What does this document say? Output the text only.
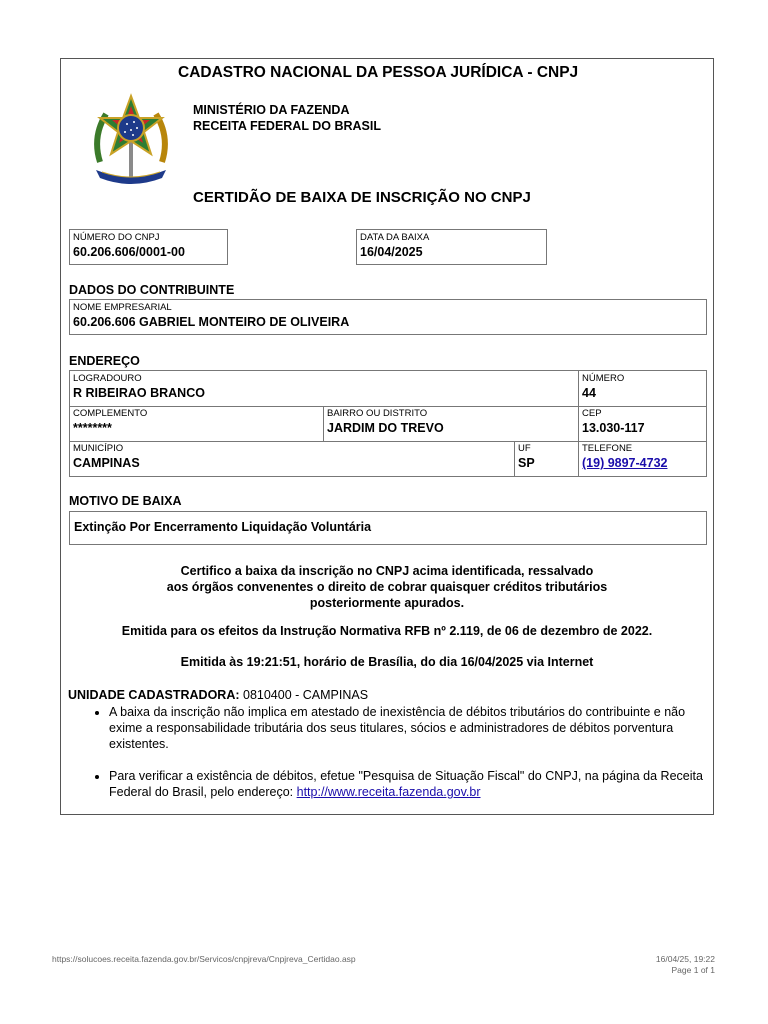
CADASTRO NACIONAL DA PESSOA JURÍDICA - CNPJ
MINISTÉRIO DA FAZENDA
RECEITA FEDERAL DO BRASIL
CERTIDÃO DE BAIXA DE INSCRIÇÃO NO CNPJ
NÚMERO DO CNPJ
60.206.606/0001-00
DATA DA BAIXA
16/04/2025
DADOS DO CONTRIBUINTE
NOME EMPRESARIAL
60.206.606 GABRIEL MONTEIRO DE OLIVEIRA
ENDEREÇO
LOGRADOURO
R RIBEIRAO BRANCO
NÚMERO
44
COMPLEMENTO
********
BAIRRO OU DISTRITO
JARDIM DO TREVO
CEP
13.030-117
MUNICÍPIO
CAMPINAS
UF
SP
TELEFONE
(19) 9897-4732
MOTIVO DE BAIXA
Extinção Por Encerramento Liquidação Voluntária
Certifico a baixa da inscrição no CNPJ acima identificada, ressalvado
aos órgãos convenentes o direito de cobrar quaisquer créditos tributários
posteriormente apurados.
Emitida para os efeitos da Instrução Normativa RFB nº 2.119, de 06 de dezembro de 2022.
Emitida às 19:21:51, horário de Brasília, do dia 16/04/2025 via Internet
UNIDADE CADASTRADORA: 0810400 - CAMPINAS
• A baixa da inscrição não implica em atestado de inexistência de débitos tributários do contribuinte e não exime a responsabilidade tributária dos seus titulares, sócios e administradores de débitos porventura existentes.
• Para verificar a existência de débitos, efetue "Pesquisa de Situação Fiscal" do CNPJ, na página da Receita Federal do Brasil, pelo endereço: http://www.receita.fazenda.gov.br
https://solucoes.receita.fazenda.gov.br/Servicos/cnpjreva/Cnpjreva_Certidao.asp	16/04/25, 19:22
Page 1 of 1
